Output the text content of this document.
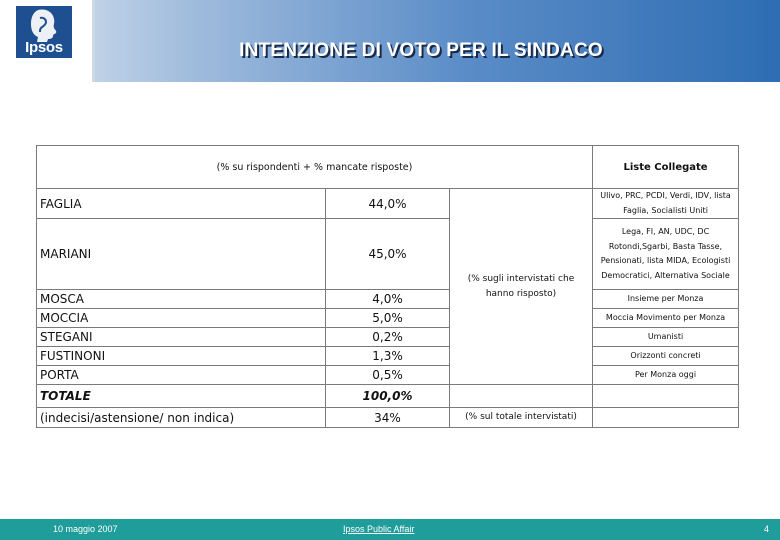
Ipsos	INTENZIONE DI VOTO PER IL SINDACO
(% su rispondenti + % mancate risposte)			Liste Collegate
FAGLIA	44,0%	(% sugli intervistati che hanno risposto)	Ulivo, PRC, PCDI, Verdi, IDV, lista Faglia, Socialisti Uniti
MARIANI	45,0%		Lega, FI, AN, UDC, DC Rotondi,Sgarbi, Basta Tasse, Pensionati, lista MIDA, Ecologisti Democratici, Alternativa Sociale
MOSCA	4,0%		Insieme per Monza
MOCCIA	5,0%		Moccia Movimento per Monza
STEGANI	0,2%		Umanisti
FUSTINONI	1,3%		Orizzonti concreti
PORTA	0,5%		Per Monza oggi
TOTALE	100,0%		
(indecisi/astensione/ non indica)	34%	(% sul totale intervistati)	
10 maggio 2007	Ipsos Public Affair	4
